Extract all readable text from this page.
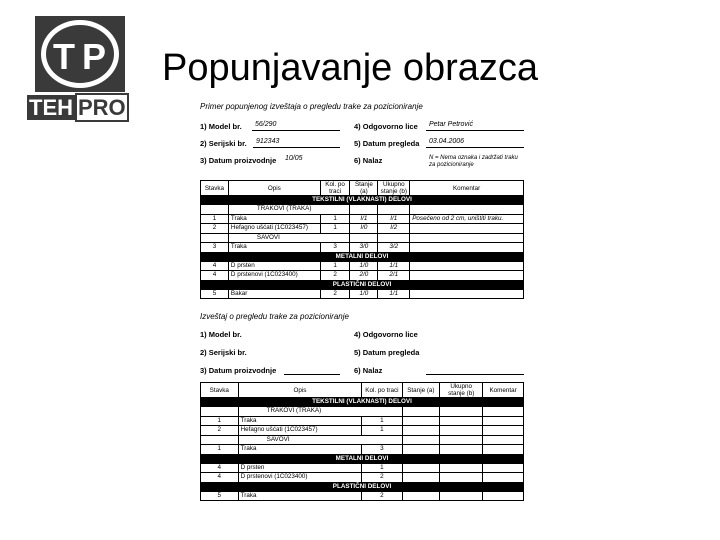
T P
TEH PRO
Popunjavanje obrazca
Primer popunjenog izveštaja o pregledu trake za pozicioniranje
1) Model br.	56/290	4) Odgovorno lice	Petar Petrović
2) Serijski br.	912343	5) Datum pregleda	03.04.2006
3) Datum proizvodnje	10/05	6) Nalaz	N = Nema oznaka i zadržati traku za pozicioniranje
Stavka	Opis	Kol. po traci	Stanje (a)	Ukupno stanje (b)	Komentar
TEKSTILNI (VLAKNASTI) DELOVI					
	TRAKOVI (TRAKA)				
1	Traka	1	I/1	I/1	Posečeno od 2 cm, uništiti traku.
2	Hefagno ušćati (1C023457)	1	I/0	I/2	
	ŠAVOVI				
3	Traka	3	3/0	3/2	
METALNI DELOVI					
4	D prsten	1	1/0	1/1	
4	D prstenovi (1C023400)	2	2/0	2/1	
PLASTIČNI DELOVI					
5	Bakar	2	1/0	1/1	
Izveštaj o pregledu trake za pozicioniranje
1) Model br.	4) Odgovorno lice
2) Serijski br.	5) Datum pregleda
3) Datum proizvodnje	6) Nalaz
Stavka	Opis	Kol. po traci	Stanje (a)	Ukupno stanje (b)	Komentar
TEKSTILNI (VLAKNASTI) DELOVI					
	TRAKOVI (TRAKA)				
1	Traka	1			
2	Hefagno ušćati (1C023457)	1			
	ŠAVOVI				
1	Traka	3			
METALNI DELOVI					
4	D prsten	1			
4	D prstenovi (1C023400)	2			
PLASTIČNI DELOVI					
5	Traka	2			
